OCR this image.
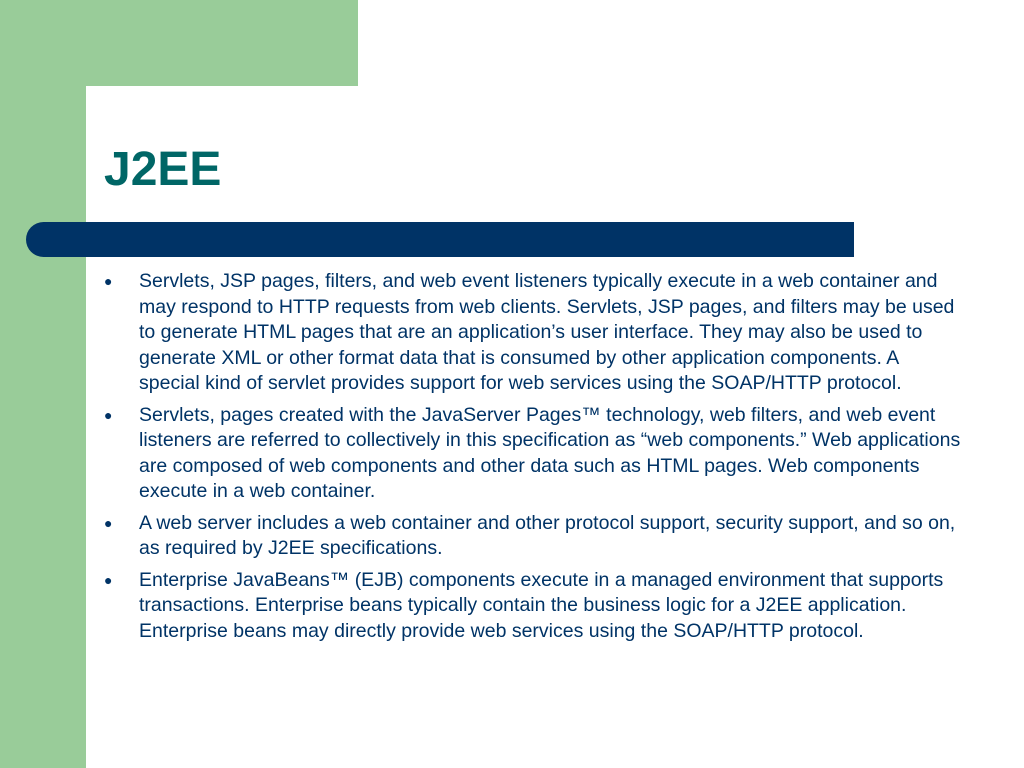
J2EE
●	Servlets, JSP pages, filters, and web event listeners typically execute in a web container and may respond to HTTP requests from web clients. Servlets, JSP pages, and filters may be used to generate HTML pages that are an application’s user interface. They may also be used to generate XML or other format data that is consumed by other application components. A special kind of servlet provides support for web services using the SOAP/HTTP protocol.
●	Servlets, pages created with the JavaServer Pages™ technology, web filters, and web event listeners are referred to collectively in this specification as “web components.” Web applications are composed of web components and other data such as HTML pages. Web components execute in a web container.
●	A web server includes a web container and other protocol support, security support, and so on, as required by J2EE specifications.
●	Enterprise JavaBeans™ (EJB) components execute in a managed environment that supports transactions. Enterprise beans typically contain the business logic for a J2EE application. Enterprise beans may directly provide web services using the SOAP/HTTP protocol.
